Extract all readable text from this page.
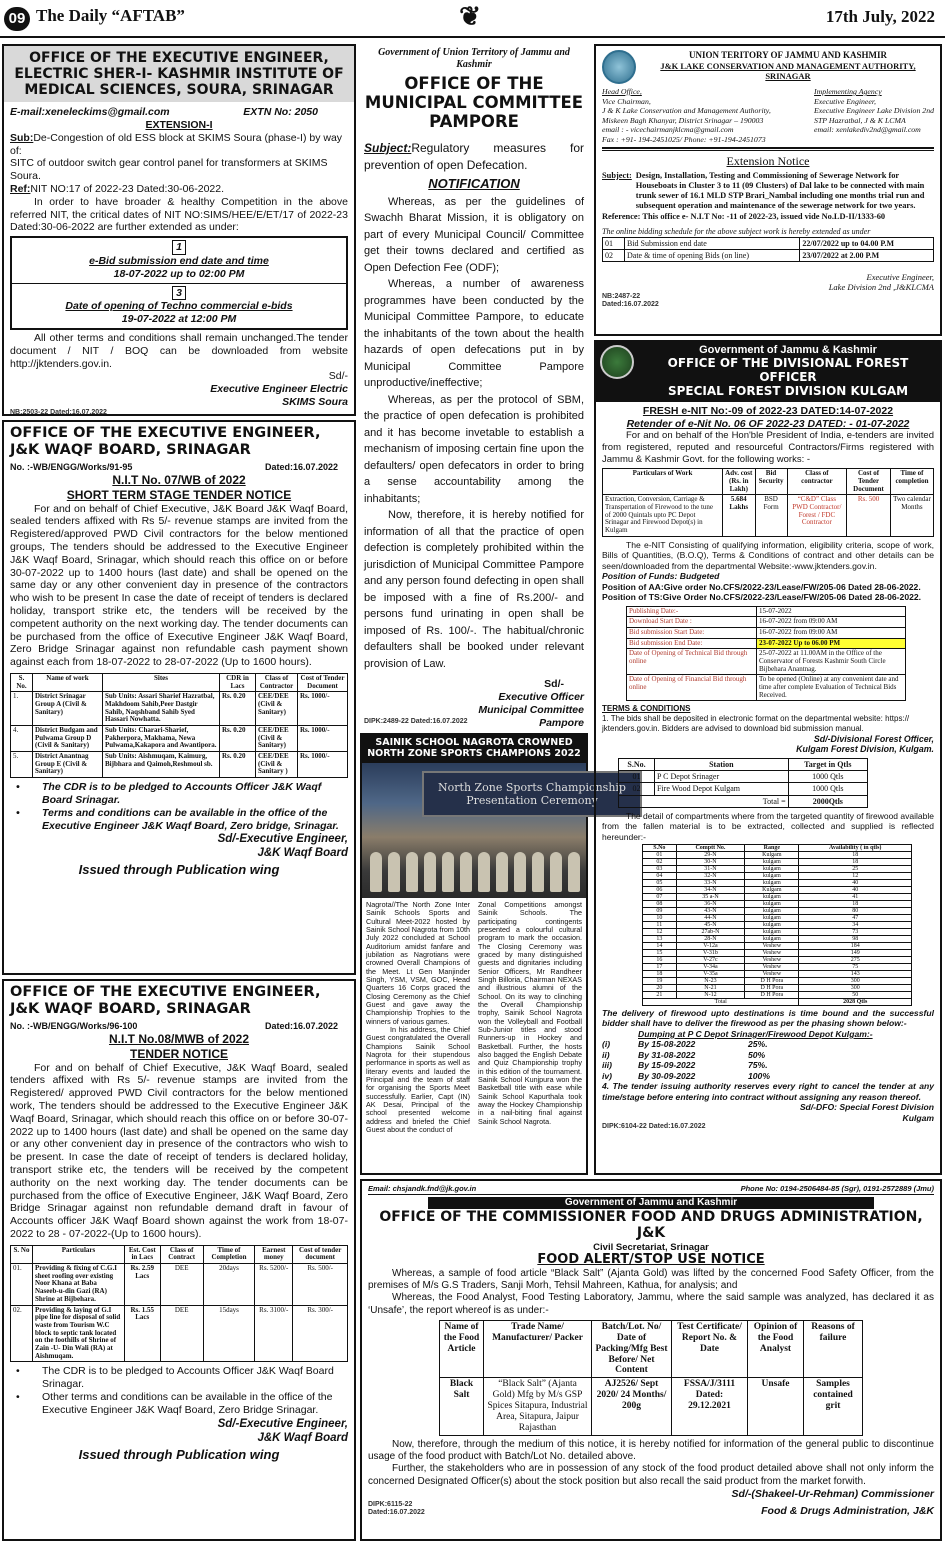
09 The Daily “AFTAB”	❦	17th July, 2022
OFFICE OF THE EXECUTIVE ENGINEER, ELECTRIC SHER-I- KASHMIR INSTITUTE OF MEDICAL SCIENCES, SOURA, SRINAGAR
E-mail:xeneleckims@gmail.com	EXTN No: 2050
EXTENSION-I
Sub:De-Congestion of old ESS block at SKIMS Soura (phase-I) by way of:
SITC of outdoor switch gear control panel for transformers at SKIMS Soura.
Ref:NIT NO:17 of 2022-23 Dated:30-06-2022.
In order to have broader & healthy Competition in the above referred NIT, the critical dates of NIT NO:SIMS/HEE/E/ET/17 of 2022-23 Dated:30-06-2022 are further extended as under:
1
e-Bid submission end date and time
18-07-2022 up to 02:00 PM

3
Date of opening of Techno commercial e-bids
19-07-2022 at 12:00 PM
All other terms and conditions shall remain unchanged.The tender document / NIT / BOQ can be downloaded from website http://jktenders.gov.in.
Sd/-
Executive Engineer Electric
SKIMS Soura
NB:2503-22 Dated:16.07.2022
OFFICE OF THE EXECUTIVE ENGINEER, J&K WAQF BOARD, SRINAGAR
No. :-WB/ENGG/Works/91-95	Dated:16.07.2022
N.I.T No. 07/WB of 2022
SHORT TERM STAGE TENDER NOTICE
For and on behalf of Chief Executive, J&K Board J&K Waqf Board, sealed tenders affixed with Rs 5/- revenue stamps are invited from the Registered/approved PWD Civil contractors for the below mentioned groups, The tenders should be addressed to the Executive Engineer J&K Waqf Board, Srinagar, which should reach this office on or before 30-07-2022 up to 1400 hours (last date) and shall be opened on the same day or any other convenient day in presence of the contractors who wish to be present In case the date of receipt of tenders is declared holiday, transport strike etc, the tenders will be received by the competent authority on the next working day. The tender documents can be purchased from the office of Executive Engineer J&K Waqf Board, Zero Bridge Srinagar against non refundable cash payment shown against each from 18-07-2022 to 28-07-2022 (Up to 1600 hours).
S. No.	Name of work	Sites	CDR in Lacs	Class of Contractor	Cost of Tender Document
1.	District Srinagar Group A (Civil & Sanitary)	Sub Units: Assari Sharief Hazratbal, Makhdoom Sahib,Peer Dastgir Sahib, Naqshband Sahib Syed Hassari Nowhatta.	Rs. 0.20	CEE/DEE (Civil & Sanitary)	Rs. 1000/-
4.	District Budgam and Pulwama Group D (Civil & Sanitary)	Sub Units: Charari-Sharief, Pakherpora, Makhama, Newa Pulwama,Kakapora and Awantipora.	Rs. 0.20	CEE/DEE (Civil & Sanitary)	Rs. 1000/-
5.	District Anantnag Group E (Civil & Sanitary)	Sub Units: Aishmuqam, Kaimurg, Bijbhara and Qaimoh,Reshmoul sb.	Rs. 0.20	CEE/DEE (Civil & Sanitary )	Rs. 1000/-
• The CDR is to be pledged to Accounts Officer J&K Waqf Board Srinagar.
• Terms and conditions can be available in the office of the Executive Engineer J&K Waqf Board, Zero bridge, Srinagar.
Sd/-Executive Engineer,
J&K Waqf Board
Issued through Publication wing
OFFICE OF THE EXECUTIVE ENGINEER, J&K WAQF BOARD, SRINAGAR
No. :-WB/ENGG/Works/96-100	Dated:16.07.2022
N.I.T No.08/MWB of 2022
TENDER NOTICE
For and on behalf of Chief Executive, J&K Waqf Board, sealed tenders affixed with Rs 5/- revenue stamps are invited from the Registered/ approved PWD Civil contractors for the below mentioned work, The tenders should be addressed to the Executive Engineer J&K Waqf Board, Srinagar, which should reach this office on or before 30-07-2022 up to 1400 hours (last date) and shall be opened on the same day or any other convenient day in presence of the contractors who wish to be present. In case the date of receipt of tenders is declared holiday, transport strike etc, the tenders will be received by the competent authority on the next working day. The tender documents can be purchased from the office of Executive Engineer, J&K Waqf Board, Zero Bridge Srinagar against non refundable demand draft in favour of Accounts officer J&K Waqf Board shown against the work from 18-07-2022 to 28 - 07-2022-(Up to 1600 hours).
S. No	Particulars	Est. Cost in Lacs	Class of Contract	Time of Completion	Earnest money	Cost of tender document
01.	Providing & fixing of C.G.I sheet roofing over existing Noor Khana at Baba Naseeb-u-din Gazi (RA) Shrine at Bijbehara.	Rs. 2.59 Lacs	DEE	20days	Rs. 5200/-	Rs. 500/-
02.	Providing & laying of G.I pipe line for disposal of solid waste from Tourism W.C block to septic tank located on the foothills of Shrine of Zain -U- Din Wali (RA) at Aishmuqam.	Rs. 1.55 Lacs	DEE	15days	Rs. 3100/-	Rs. 300/-
• The CDR is to be pledged to Accounts Officer J&K Waqf Board Srinagar.
• Other terms and conditions can be available in the office of the Executive Engineer J&K Waqf Board, Zero Bridge Srinagar.
Sd/-Executive Engineer,
J&K Waqf Board
Issued through Publication wing
Government of Union Territory of Jammu and Kashmir
OFFICE OF THE MUNICIPAL COMMITTEE PAMPORE
Subject:Regulatory measures for prevention of open Defecation.
NOTIFICATION
Whereas, as per the guidelines of Swachh Bharat Mission, it is obligatory on part of every Municipal Council/ Committee get their towns declared and certified as Open Defection Fee (ODF);
Whereas, a number of awareness programmes have been conducted by the Municipal Committee Pampore, to educate the inhabitants of the town about the health hazards of open defecations put in by Municipal Committee Pampore unproductive/ineffective;
Whereas, as per the protocol of SBM, the practice of open defecation is prohibited and it has become invetable to establish a mechanism of imposing certain fine upon the defaulters/ open defecators in order to bring a sense accountability among the inhabitants;
Now, therefore, it is hereby notified for information of all that the practice of open defection is completely prohibited within the jurisdiction of Municipal Committee Pampore and any person found defecting in open shall be imposed with a fine of Rs.200/- and persons fund urinating in open shall be imposed of Rs. 100/-. The habitual/chronic defaulters shall be booked under relevant provision of Law.
Sd/-
Executive Officer
Municipal Committee
Pampore
DIPK:2489-22 Dated:16.07.2022
SAINIK SCHOOL NAGROTA CROWNED NORTH ZONE SPORTS CHAMPIONS 2022
North Zone Sports Championship Presentation Ceremony
Nagrota//The North Zone Inter Sainik Schools Sports and Cultural Meet-2022 hosted by Sainik School Nagrota from 10th July 2022 concluded at School Auditorium amidst fanfare and jubilation as Nagrotians were crowned Overall Champions of the Meet. Lt Gen Manjinder Singh, YSM, VSM, GOC, Head Quarters 16 Corps graced the Closing Ceremony as the Chief Guest and gave away the Championship Trophies to the winners of various games.
In his address, the Chief Guest congratulated the Overall Champions Sainik School Nagrota for their stupendous performance in sports as well as literary events and lauded the Principal and the team of staff for organising the Sports Meet successfully. Earlier, Capt (IN) AK Desai, Principal of the school presented welcome address and briefed the Chief Guest about the conduct of
Zonal Competitions amongst Sainik Schools. The participating contingents presented a colourful cultural program to mark the occasion. The Closing Ceremony was graced by many distinguished guests and dignitaries including Senior Officers, Mr Randheer Singh Billoria, Chairman NEXAS and illustrious alumni of the School. On its way to clinching the Overall Championship trophy, Sainik School Nagrota won the Volleyball and Football Sub-Junior titles and stood Runners-up in Hockey and Basketball. Further, the hosts also bagged the English Debate and Quiz Championship trophy in this edition of the tournament. Sainik School Kunjpura won the Basketball title with ease while Sainik School Kapurthala took away the Hockey Championship in a nail-biting final against Sainik School Nagrota.
UNION TERITORY OF JAMMU AND KASHMIR
J&K LAKE CONSERVATION AND MANAGEMENT AUTHORITY, SRINAGAR
Head Office,
Vice Chairman,
J & K Lake Conservation and Management Authority,
Miskeen Bagh Khanyar, District Srinagar – 190003
email : - vicechairmanjklcma@gmail.com
Fax : +91- 194-2451025/ Phone: +91-194-2451073
Implementing Agency
Executive Engineer,
Executive Engineer Lake Division 2nd
STP Hazratbal, J & K LCMA
email: xenlakediv2nd@gmail.com
Extension Notice
Subject: Design, Installation, Testing and Commissioning of Sewerage Network for Houseboats in Cluster 3 to 11 (09 Clusters) of Dal lake to be connected with main trunk sewer of 16.1 MLD STP Brari_Nambal including one months trial run and subsequent operation and maintenance of the sewerage network for two years.
Reference: This office e- N.I.T No: -11 of 2022-23, issued vide No.LD-II/1333-60
The online bidding schedule for the above subject work is hereby extended as under
01	Bid Submission end date	22/07/2022 up to 04.00 P.M
02	Date & time of opening Bids (on line)	23/07/2022 at 2.00 P.M
Executive Engineer,
Lake Division 2nd ,J&KLCMA
NB:2487-22
Dated:16.07.2022
Government of Jammu & Kashmir
OFFICE OF THE DIVISIONAL FOREST OFFICER
SPECIAL FOREST DIVISION KULGAM
FRESH e-NIT No:-09 of 2022-23 DATED:14-07-2022
Retender of e-Nit No. 06 OF 2022-23 DATED: - 01-07-2022
For and on behalf of the Hon'ble President of India, e-tenders are invited from registered, reputed and resourceful Contractors/Firms registered with Jammu & Kashmir Govt. for the following works: -
Particulars of Work	Adv. cost (Rs. in Lakh)	Bid Security	Class of contractor	Cost of Tender Document	Time of completion
Extraction, Conversion, Carriage & Transpertation of Firewood to the tune of 2000 Quintals upto PC Depot Srinagar and Firewood Depot(s) in Kulgam	5.684 Lakhs	BSD Form	“C&D” Class PWD Contractor/ Forest / FDC Contractor	Rs. 500	Two calendar Months
The e-NIT Consisting of qualifying information, eligibility criteria, scope of work, Bills of Quantities, (B.O.Q), Terms & Conditions of contract and other details can be seen/downloaded from the departmental Website:-www.jktenders.gov.in.
Position of Funds: Budgeted
Position of AA:Give order No.CFS/2022-23/Lease/FW/205-06 Dated 28-06-2022.
Position of TS:Give Order No.CFS/2022-23/Lease/FW/205-06 Dated 28-06-2022.
Publishing Date:-	15-07-2022
Download Start Date :	16-07-2022 from 09:00 AM
Bid submission Start Date:	16-07-2022 from 09:00 AM
Bid submission End Date:	23-07-2022 Up to 06.00 PM
Date of Opening of Technical Bid through online	25-07-2022 at 11.00AM in the Office of the Conservator of Forests Kashmir South Circle Bijbehara Anantnag.
Date of Opening of Financial Bid through online	To be opened (Online) at any convenient date and time after complete Evaluation of Technical Bids Received.
TERMS & CONDITIONS
1. The bids shall be deposited in electronic format on the departmental website: https:// jktenders.gov.in. Bidders are advised to download bid submission manual.
Sd/-Divisional Forest Officer,
Kulgam Forest Division, Kulgam.
S.No.	Station	Target in Qtls
01	P C Depot Srinager	1000 Qtls
02	Fire Wood Depot Kulgam	1000 Qtls
Total =		2000Qtls
The detail of compartments where from the targeted quantity of firewood available from the fallen material is to be extracted, collected and supplied is reflected hereunder:-
S.No	Comptt No.	Range	Availability ( in qtls)
01	29-N	Kulgam	18
02	30-N	kulgam	18
03	31-N	kulgam	25
04	32-N	kulgam	12
05	33-N	kulgam	40
06	34-N	Kulgam	40
07	35 a-N	kulgam	41
08	36-N	kulgam	18
09	43-N	kulgam	80
10	44-N	kulgam	47
11	45-N	kulgam	34
12	27ab-N	kulgam	73
13	28-N	kulgam	98
14	V-12a	Veshew	184
15	V-31b	Veshew	149
16	V-27c	Veshew	275
17	V-34a	Veshew	75
18	V-35a	Veshew	143
19	N-23	D H Pora	300
20	N-21	D H Pora	300
21	N-12	D H Pora	50
Total			2028 Qtls
The delivery of firewood upto destinations is time bound and the successful bidder shall have to deliver the firewood as per the phasing shown below:-
Dumping at P C Depot Srinager/Firewood Depot Kulgam:-
(i)	By 15-08-2022	25%.
ii)	By 31-08-2022	50%
iii)	By 15-09-2022	75%.
iv)	By 30-09-2022	100%
4. The tender issuing authority reserves every right to cancel the tender at any time/stage before entering into contract without assigning any reason thereof.
Sd/-DFO: Special Forest Division
Kulgam
DIPK:6104-22 Dated:16.07.2022
Email: chsjandk.fnd@jk.gov.in	Phone No: 0194-2506484-85 (Sgr), 0191-2572889 (Jmu)
Government of Jammu and Kashmir
OFFICE OF THE COMMISSIONER FOOD AND DRUGS ADMINISTRATION, J&K
Civil Secretariat, Srinagar
FOOD ALERT/STOP USE NOTICE
Whereas, a sample of food article “Black Salt” (Ajanta Gold) was lifted by the concerned Food Safety Officer, from the premises of M/s G.S Traders, Sanji Morh, Tehsil Mahreen, Kathua, for analysis; and
Whereas, the Food Analyst, Food Testing Laboratory, Jammu, where the said sample was analyzed, has declared it as ‘Unsafe’, the report whereof is as under:-
Name of the Food Article	Trade Name/ Manufacturer/ Packer	Batch/Lot. No/ Date of Packing/Mfg Best Before/ Net Content	Test Certificate/ Report No. & Date	Opinion of the Food Analyst	Reasons of failure
Black Salt	“Black Salt” (Ajanta Gold) Mfg by M/s GSP Spices Sitapura, Industrial Area, Sitapura, Jaipur Rajasthan	AJ2526/ Sept 2020/ 24 Months/ 200g	FSSA/J/3111 Dated: 29.12.2021	Unsafe	Samples contained grit
Now, therefore, through the medium of this notice, it is hereby notified for information of the general public to discontinue usage of the food product with Batch/Lot No. detailed above.
Further, the stakeholders who are in possession of any stock of the food product detailed above shall not only inform the concerned Designated Officer(s) about the stock position but also recall the said product from the market forwith.
Sd/-(Shakeel-Ur-Rehman) Commissioner
DIPK:6115-22
Dated:16.07.2022	Food & Drugs Administration, J&K
